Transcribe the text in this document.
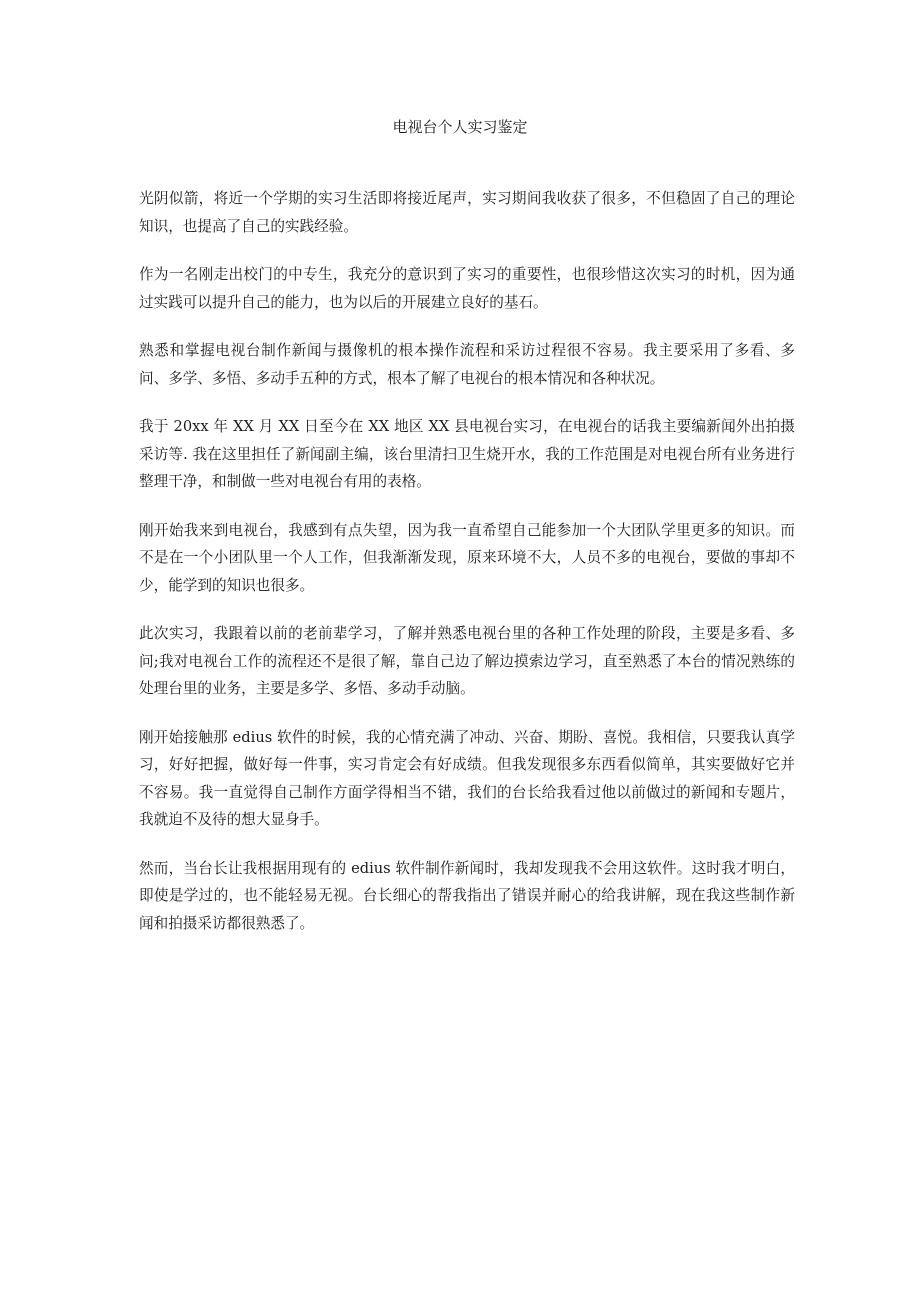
电视台个人实习鉴定

光阴似箭，将近一个学期的实习生活即将接近尾声，实习期间我收获了很多，不但稳固了自己的理论知识，也提高了自己的实践经验。

作为一名刚走出校门的中专生，我充分的意识到了实习的重要性，也很珍惜这次实习的时机，因为通过实践可以提升自己的能力，也为以后的开展建立良好的基石。

熟悉和掌握电视台制作新闻与摄像机的根本操作流程和采访过程很不容易。我主要采用了多看、多问、多学、多悟、多动手五种的方式，根本了解了电视台的根本情况和各种状况。

我于 20xx 年 XX 月 XX 日至今在 XX 地区 XX 县电视台实习，在电视台的话我主要编新闻外出拍摄采访等. 我在这里担任了新闻副主编，该台里清扫卫生烧开水，我的工作范围是对电视台所有业务进行整理干净，和制做一些对电视台有用的表格。

刚开始我来到电视台，我感到有点失望，因为我一直希望自己能参加一个大团队学里更多的知识。而不是在一个小团队里一个人工作，但我渐渐发现，原来环境不大，人员不多的电视台，要做的事却不少，能学到的知识也很多。

此次实习，我跟着以前的老前辈学习，了解并熟悉电视台里的各种工作处理的阶段，主要是多看、多问;我对电视台工作的流程还不是很了解，靠自己边了解边摸索边学习，直至熟悉了本台的情况熟练的处理台里的业务，主要是多学、多悟、多动手动脑。

刚开始接触那 edius 软件的时候，我的心情充满了冲动、兴奋、期盼、喜悦。我相信，只要我认真学习，好好把握，做好每一件事，实习肯定会有好成绩。但我发现很多东西看似简单，其实要做好它并不容易。我一直觉得自己制作方面学得相当不错，我们的台长给我看过他以前做过的新闻和专题片，我就迫不及待的想大显身手。

然而，当台长让我根据用现有的 edius 软件制作新闻时，我却发现我不会用这软件。这时我才明白，即使是学过的，也不能轻易无视。台长细心的帮我指出了错误并耐心的给我讲解，现在我这些制作新闻和拍摄采访都很熟悉了。
